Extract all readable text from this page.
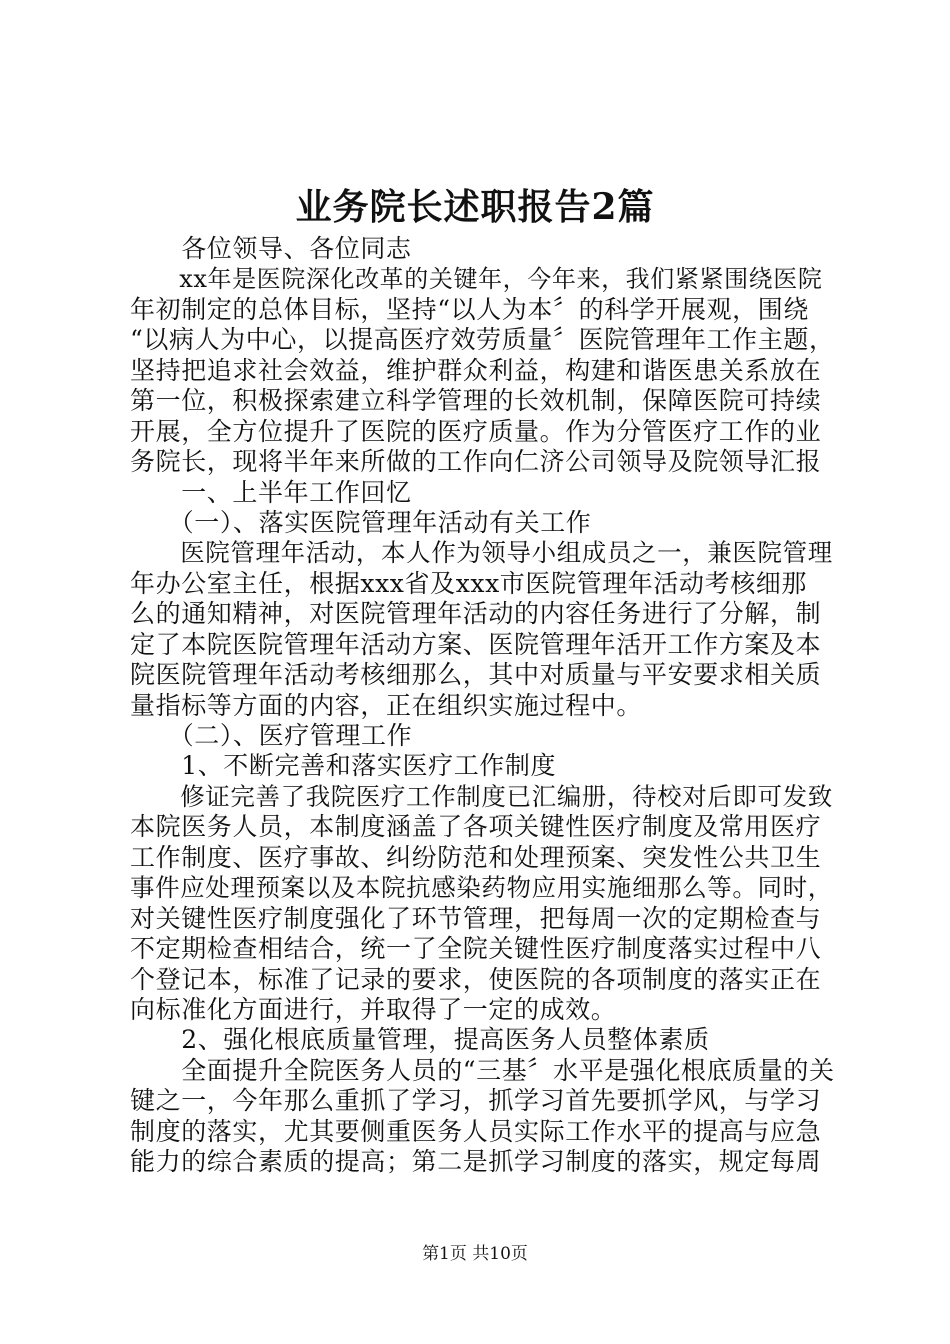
业务院长述职报告2篇
　　各位领导、各位同志
　　xx年是医院深化改革的关键年，今年来，我们紧紧围绕医院
年初制定的总体目标，坚持“以人为本〞的科学开展观，围绕
“以病人为中心，以提高医疗效劳质量〞医院管理年工作主题，
坚持把追求社会效益，维护群众利益，构建和谐医患关系放在
第一位，积极探索建立科学管理的长效机制，保障医院可持续
开展，全方位提升了医院的医疗质量。作为分管医疗工作的业
务院长，现将半年来所做的工作向仁济公司领导及院领导汇报
　　一、上半年工作回忆
　　（一）、落实医院管理年活动有关工作
　　医院管理年活动，本人作为领导小组成员之一，兼医院管理
年办公室主任，根据xxx省及xxx市医院管理年活动考核细那
么的通知精神，对医院管理年活动的内容任务进行了分解，制
定了本院医院管理年活动方案、医院管理年活开工作方案及本
院医院管理年活动考核细那么，其中对质量与平安要求相关质
量指标等方面的内容，正在组织实施过程中。
　　（二）、医疗管理工作
　　1、不断完善和落实医疗工作制度
　　修证完善了我院医疗工作制度已汇编册，待校对后即可发致
本院医务人员，本制度涵盖了各项关键性医疗制度及常用医疗
工作制度、医疗事故、纠纷防范和处理预案、突发性公共卫生
事件应处理预案以及本院抗感染药物应用实施细那么等。同时，
对关键性医疗制度强化了环节管理，把每周一次的定期检查与
不定期检查相结合，统一了全院关键性医疗制度落实过程中八
个登记本，标准了记录的要求，使医院的各项制度的落实正在
向标准化方面进行，并取得了一定的成效。
　　2、强化根底质量管理，提高医务人员整体素质
　　全面提升全院医务人员的“三基〞水平是强化根底质量的关
键之一，今年那么重抓了学习，抓学习首先要抓学风，与学习
制度的落实，尤其要侧重医务人员实际工作水平的提高与应急
能力的综合素质的提高；第二是抓学习制度的落实，规定每周
第1页 共10页
